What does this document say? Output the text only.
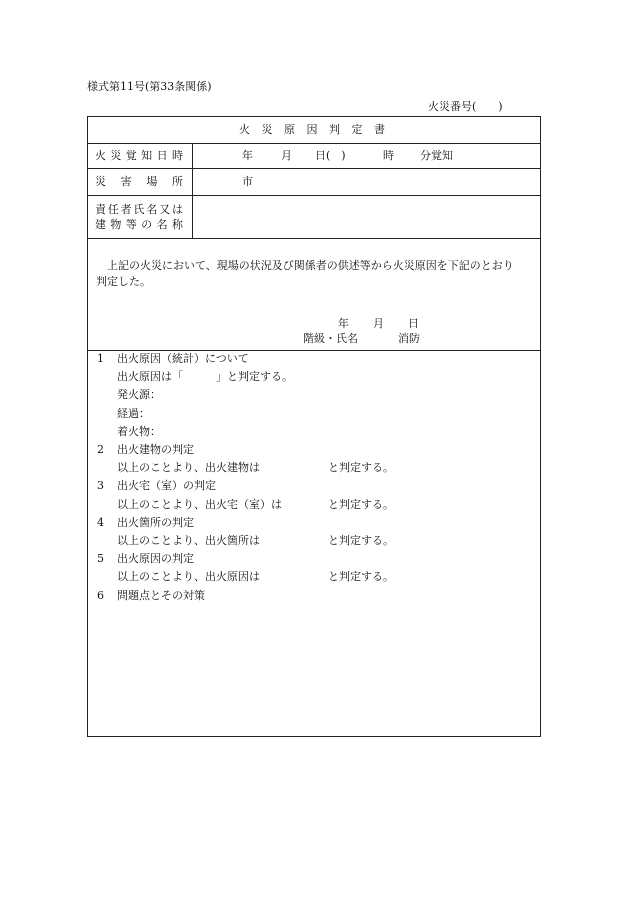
様式第11号(第33条関係)
火災番号(　　)
火 災 原 因 判 定 書
火 災 覚 知 日 時	年	月 日(　)	時 分覚知
災 害 場 所	市
責 任 者 氏 名 又 は
建 物 等 の 名 称
上記の火災において、現場の状況及び関係者の供述等から火災原因を下記のとおり
判定した。
年 月 日
階級・氏名	消防
1 出火原因（統計）について
出火原因は「　　　」と判定する。
発火源：
経過：
着火物：
2 出火建物の判定
以上のことより、出火建物は	と判定する。
3 出火宅（室）の判定
以上のことより、出火宅（室）は	と判定する。
4 出火箇所の判定
以上のことより、出火箇所は	と判定する。
5 出火原因の判定
以上のことより、出火原因は	と判定する。
6 問題点とその対策
